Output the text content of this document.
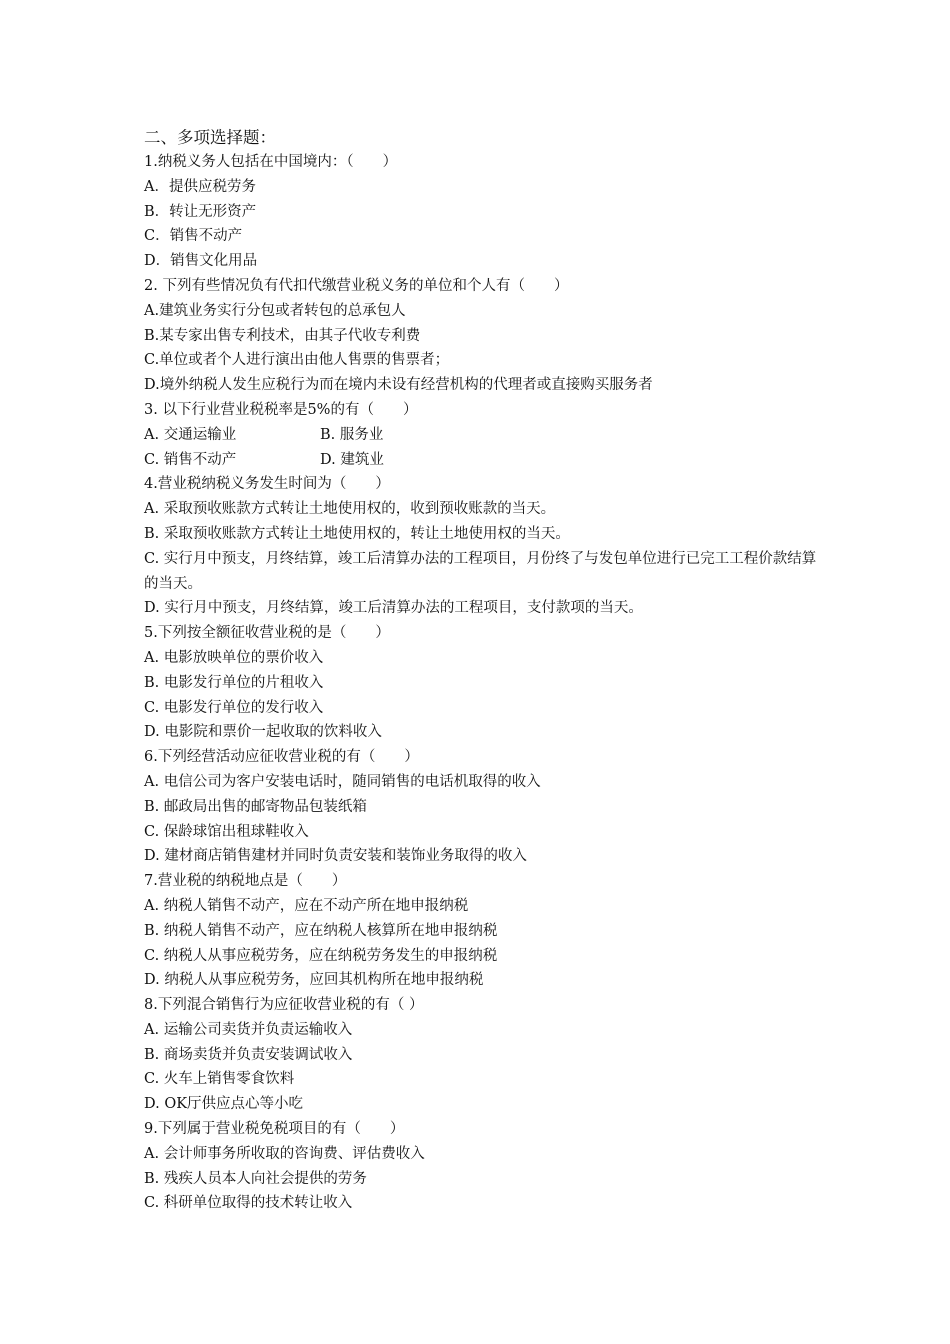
二、多项选择题：
1.纳税义务人包括在中国境内：（　　）
A．提供应税劳务
B．转让无形资产
C．销售不动产
D．销售文化用品
2. 下列有些情况负有代扣代缴营业税义务的单位和个人有（　　）
A.建筑业务实行分包或者转包的总承包人
B.某专家出售专利技术，由其子代收专利费
C.单位或者个人进行演出由他人售票的售票者；
D.境外纳税人发生应税行为而在境内未设有经营机构的代理者或直接购买服务者
3. 以下行业营业税税率是5%的有（　　）
A. 交通运输业	B. 服务业
C. 销售不动产	D. 建筑业
4.营业税纳税义务发生时间为（　　）
A. 采取预收账款方式转让土地使用权的，收到预收账款的当天。
B. 采取预收账款方式转让土地使用权的，转让土地使用权的当天。
C. 实行月中预支，月终结算，竣工后清算办法的工程项目，月份终了与发包单位进行已完工工程价款结算的当天。
D. 实行月中预支，月终结算，竣工后清算办法的工程项目，支付款项的当天。
5.下列按全额征收营业税的是（　　）
A. 电影放映单位的票价收入
B. 电影发行单位的片租收入
C. 电影发行单位的发行收入
D. 电影院和票价一起收取的饮料收入
6.下列经营活动应征收营业税的有（　　）
A. 电信公司为客户安装电话时，随同销售的电话机取得的收入
B. 邮政局出售的邮寄物品包装纸箱
C. 保龄球馆出租球鞋收入
D. 建材商店销售建材并同时负责安装和装饰业务取得的收入
7.营业税的纳税地点是（　　）
A. 纳税人销售不动产，应在不动产所在地申报纳税
B. 纳税人销售不动产，应在纳税人核算所在地申报纳税
C. 纳税人从事应税劳务，应在纳税劳务发生的申报纳税
D. 纳税人从事应税劳务，应回其机构所在地申报纳税
8.下列混合销售行为应征收营业税的有（ ）
A. 运输公司卖货并负责运输收入
B. 商场卖货并负责安装调试收入
C. 火车上销售零食饮料
D. OK厅供应点心等小吃
9.下列属于营业税免税项目的有（　　）
A. 会计师事务所收取的咨询费、评估费收入
B. 残疾人员本人向社会提供的劳务
C. 科研单位取得的技术转让收入
